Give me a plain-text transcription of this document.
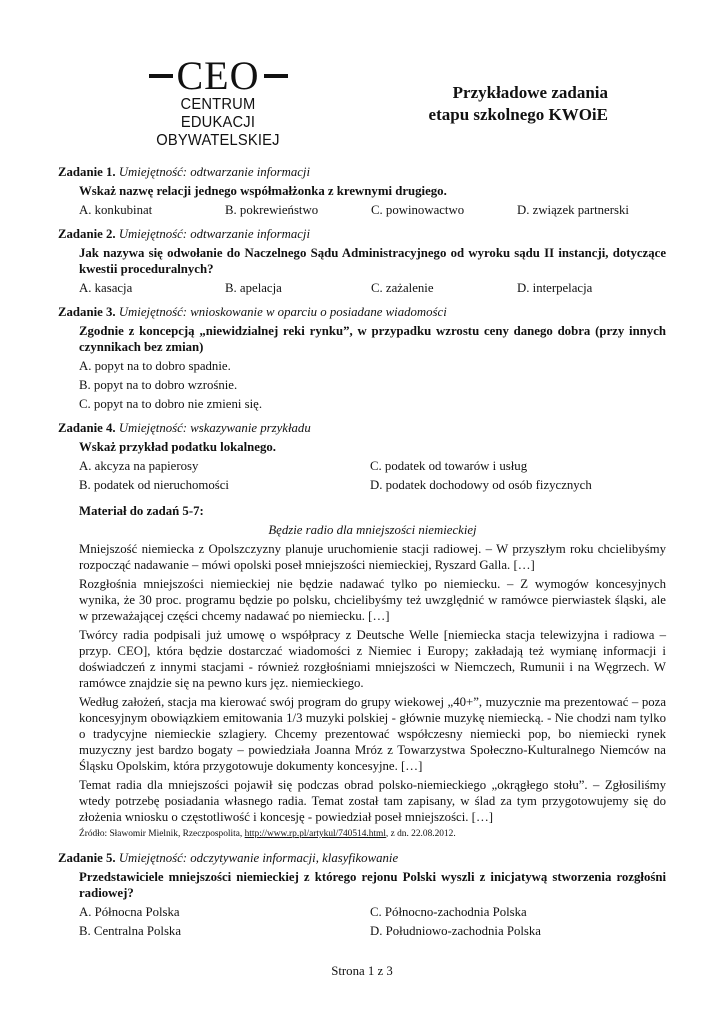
CEO
CENTRUM EDUKACJI
OBYWATELSKIEJ
Przykładowe zadania
etapu szkolnego KWOiE
Zadanie 1. Umiejętność: odtwarzanie informacji
Wskaż nazwę relacji jednego współmałżonka z krewnymi drugiego.
A. konkubinat	B. pokrewieństwo	C. powinowactwo	D. związek partnerski
Zadanie 2. Umiejętność: odtwarzanie informacji
Jak nazywa się odwołanie do Naczelnego Sądu Administracyjnego od wyroku sądu II instancji, dotyczące kwestii proceduralnych?
A. kasacja	B. apelacja	C. zażalenie	D. interpelacja
Zadanie 3. Umiejętność: wnioskowanie w oparciu o posiadane wiadomości
Zgodnie z koncepcją „niewidzialnej reki rynku”, w przypadku wzrostu ceny danego dobra (przy innych czynnikach bez zmian)
A. popyt na to dobro spadnie.
B. popyt na to dobro wzrośnie.
C. popyt na to dobro nie zmieni się.
Zadanie 4. Umiejętność: wskazywanie przykładu
Wskaż przykład podatku lokalnego.
A. akcyza na papierosy	C. podatek od towarów i usług
B. podatek od nieruchomości	D. podatek dochodowy od osób fizycznych
Materiał do zadań 5-7:
Będzie radio dla mniejszości niemieckiej
Mniejszość niemiecka z Opolszczyzny planuje uruchomienie stacji radiowej. – W przyszłym roku chcielibyśmy rozpocząć nadawanie – mówi opolski poseł mniejszości niemieckiej, Ryszard Galla. […]
Rozgłośnia mniejszości niemieckiej nie będzie nadawać tylko po niemiecku. – Z wymogów koncesyjnych wynika, że 30 proc. programu będzie po polsku, chcielibyśmy też uwzględnić w ramówce pierwiastek śląski, ale w przeważającej części chcemy nadawać po niemiecku. […]
Twórcy radia podpisali już umowę o współpracy z Deutsche Welle [niemiecka stacja telewizyjna i radiowa – przyp. CEO], która będzie dostarczać wiadomości z Niemiec i Europy; zakładają też wymianę informacji i doświadczeń z innymi stacjami - również rozgłośniami mniejszości w Niemczech, Rumunii i na Węgrzech. W ramówce znajdzie się na pewno kurs jęz. niemieckiego.
Według założeń, stacja ma kierować swój program do grupy wiekowej „40+”, muzycznie ma prezentować – poza koncesyjnym obowiązkiem emitowania 1/3 muzyki polskiej - głównie muzykę niemiecką. - Nie chodzi nam tylko o tradycyjne niemieckie szlagiery. Chcemy prezentować współczesny niemiecki pop, bo niemiecki rynek muzyczny jest bardzo bogaty – powiedziała Joanna Mróz z Towarzystwa Społeczno-Kulturalnego Niemców na Śląsku Opolskim, która przygotowuje dokumenty koncesyjne. […]
Temat radia dla mniejszości pojawił się podczas obrad polsko-niemieckiego „okrągłego stołu”. – Zgłosiliśmy wtedy potrzebę posiadania własnego radia. Temat został tam zapisany, w ślad za tym przygotowujemy się do złożenia wniosku o częstotliwość i koncesję - powiedział poseł mniejszości. […]
Źródło: Sławomir Mielnik, Rzeczpospolita, http://www.rp.pl/artykul/740514.html, z dn. 22.08.2012.
Zadanie 5. Umiejętność: odczytywanie informacji, klasyfikowanie
Przedstawiciele mniejszości niemieckiej z którego rejonu Polski wyszli z inicjatywą stworzenia rozgłośni radiowej?
A. Północna Polska	C. Północno-zachodnia Polska
B. Centralna Polska	D. Południowo-zachodnia Polska
Strona 1 z 3
